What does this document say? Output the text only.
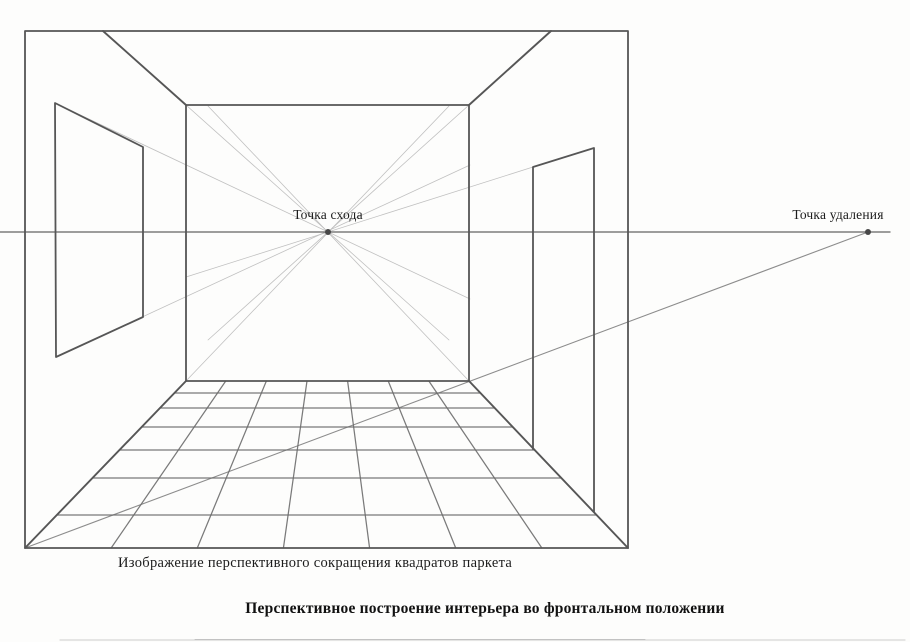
Точка схода	Точка удаления
Изображение перспективного сокращения квадратов паркета
Перспективное построение интерьера во фронтальном положении
